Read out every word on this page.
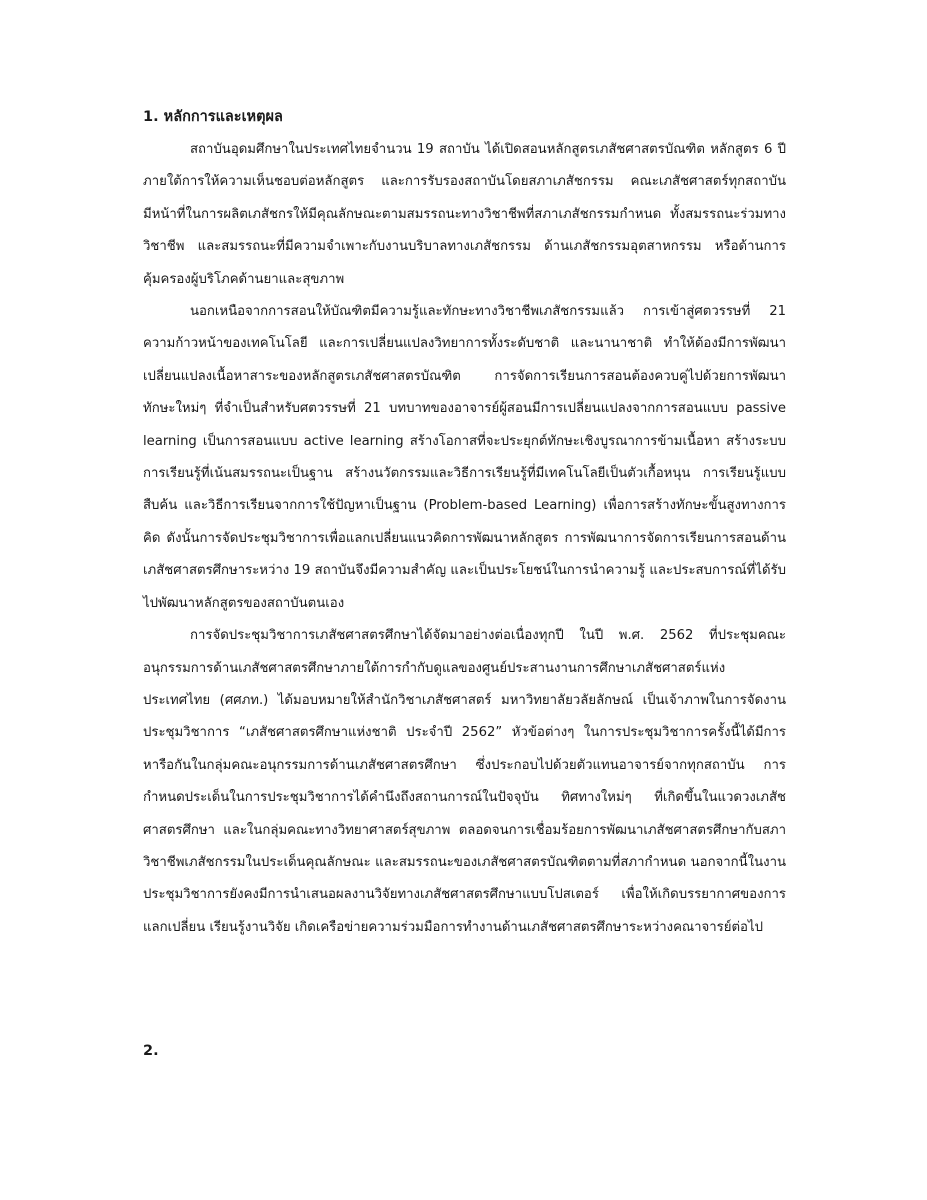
1. หลักการและเหตุผล

สถาบันอุดมศึกษาในประเทศไทยจำนวน 19 สถาบัน ได้เปิดสอนหลักสูตรเภสัชศาสตรบัณฑิต หลักสูตร 6 ปี ภายใต้การให้ความเห็นชอบต่อหลักสูตร และการรับรองสถาบันโดยสภาเภสัชกรรม คณะเภสัชศาสตร์ทุกสถาบันมีหน้าที่ในการผลิตเภสัชกรให้มีคุณลักษณะตามสมรรถนะทางวิชาชีพที่สภาเภสัชกรรมกำหนด ทั้งสมรรถนะร่วมทางวิชาชีพ และสมรรถนะที่มีความจำเพาะกับงานบริบาลทางเภสัชกรรม ด้านเภสัชกรรมอุตสาหกรรม หรือด้านการคุ้มครองผู้บริโภคด้านยาและสุขภาพ

นอกเหนือจากการสอนให้บัณฑิตมีความรู้และทักษะทางวิชาชีพเภสัชกรรมแล้ว การเข้าสู่ศตวรรษที่ 21 ความก้าวหน้าของเทคโนโลยี และการเปลี่ยนแปลงวิทยาการทั้งระดับชาติ และนานาชาติ ทำให้ต้องมีการพัฒนาเปลี่ยนแปลงเนื้อหาสาระของหลักสูตรเภสัชศาสตรบัณฑิต การจัดการเรียนการสอนต้องควบคู่ไปด้วยการพัฒนาทักษะใหม่ๆ ที่จำเป็นสำหรับศตวรรษที่ 21 บทบาทของอาจารย์ผู้สอนมีการเปลี่ยนแปลงจากการสอนแบบ passive learning เป็นการสอนแบบ active learning สร้างโอกาสที่จะประยุกต์ทักษะเชิงบูรณาการข้ามเนื้อหา สร้างระบบการเรียนรู้ที่เน้นสมรรถนะเป็นฐาน สร้างนวัตกรรมและวิธีการเรียนรู้ที่มีเทคโนโลยีเป็นตัวเกื้อหนุน การเรียนรู้แบบสืบค้น และวิธีการเรียนจากการใช้ปัญหาเป็นฐาน (Problem-based Learning) เพื่อการสร้างทักษะขั้นสูงทางการคิด ดังนั้นการจัดประชุมวิชาการเพื่อแลกเปลี่ยนแนวคิดการพัฒนาหลักสูตร การพัฒนาการจัดการเรียนการสอนด้านเภสัชศาสตรศึกษาระหว่าง 19 สถาบันจึงมีความสำคัญ และเป็นประโยชน์ในการนำความรู้ และประสบการณ์ที่ได้รับ ไปพัฒนาหลักสูตรของสถาบันตนเอง

การจัดประชุมวิชาการเภสัชศาสตรศึกษาได้จัดมาอย่างต่อเนื่องทุกปี ในปี พ.ศ. 2562 ที่ประชุมคณะอนุกรรมการด้านเภสัชศาสตรศึกษาภายใต้การกำกับดูแลของศูนย์ประสานงานการศึกษาเภสัชศาสตร์แห่งประเทศไทย (ศศภท.) ได้มอบหมายให้สำนักวิชาเภสัชศาสตร์ มหาวิทยาลัยวลัยลักษณ์ เป็นเจ้าภาพในการจัดงานประชุมวิชาการ “เภสัชศาสตรศึกษาแห่งชาติ ประจำปี 2562” หัวข้อต่างๆ ในการประชุมวิชาการครั้งนี้ได้มีการหารือกันในกลุ่มคณะอนุกรรมการด้านเภสัชศาสตรศึกษา ซึ่งประกอบไปด้วยตัวแทนอาจารย์จากทุกสถาบัน การกำหนดประเด็นในการประชุมวิชาการได้คำนึงถึงสถานการณ์ในปัจจุบัน ทิศทางใหม่ๆ ที่เกิดขึ้นในแวดวงเภสัชศาสตรศึกษา และในกลุ่มคณะทางวิทยาศาสตร์สุขภาพ ตลอดจนการเชื่อมร้อยการพัฒนาเภสัชศาสตรศึกษากับสภาวิชาชีพเภสัชกรรมในประเด็นคุณลักษณะ และสมรรถนะของเภสัชศาสตรบัณฑิตตามที่สภากำหนด นอกจากนี้ในงานประชุมวิชาการยังคงมีการนำเสนอผลงานวิจัยทางเภสัชศาสตรศึกษาแบบโปสเตอร์ เพื่อให้เกิดบรรยากาศของการแลกเปลี่ยน เรียนรู้งานวิจัย เกิดเครือข่ายความร่วมมือการทำงานด้านเภสัชศาสตรศึกษาระหว่างคณาจารย์ต่อไป

2.
